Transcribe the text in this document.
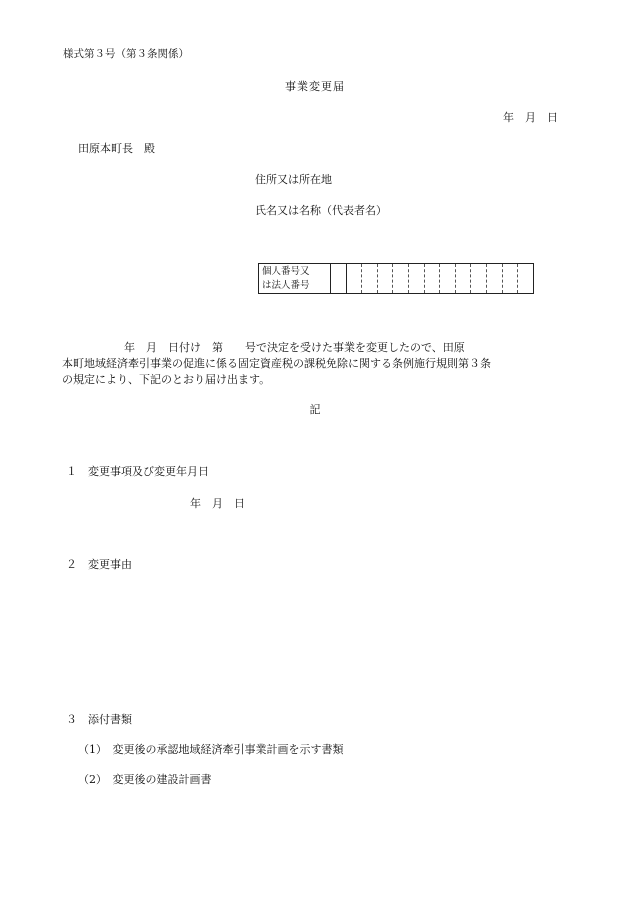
様式第３号（第３条関係）
事業変更届
年　月　日
田原本町長　殿
住所又は所在地
氏名又は名称（代表者名）
個人番号又
は法人番号
年　月　日付け　第　　号で決定を受けた事業を変更したので、田原
本町地域経済牽引事業の促進に係る固定資産税の課税免除に関する条例施行規則第３条
の規定により、下記のとおり届け出ます。
記
１　変更事項及び変更年月日
年　月　日
２　変更事由
３　添付書類
（1）　変更後の承認地域経済牽引事業計画を示す書類
（2）　変更後の建設計画書
